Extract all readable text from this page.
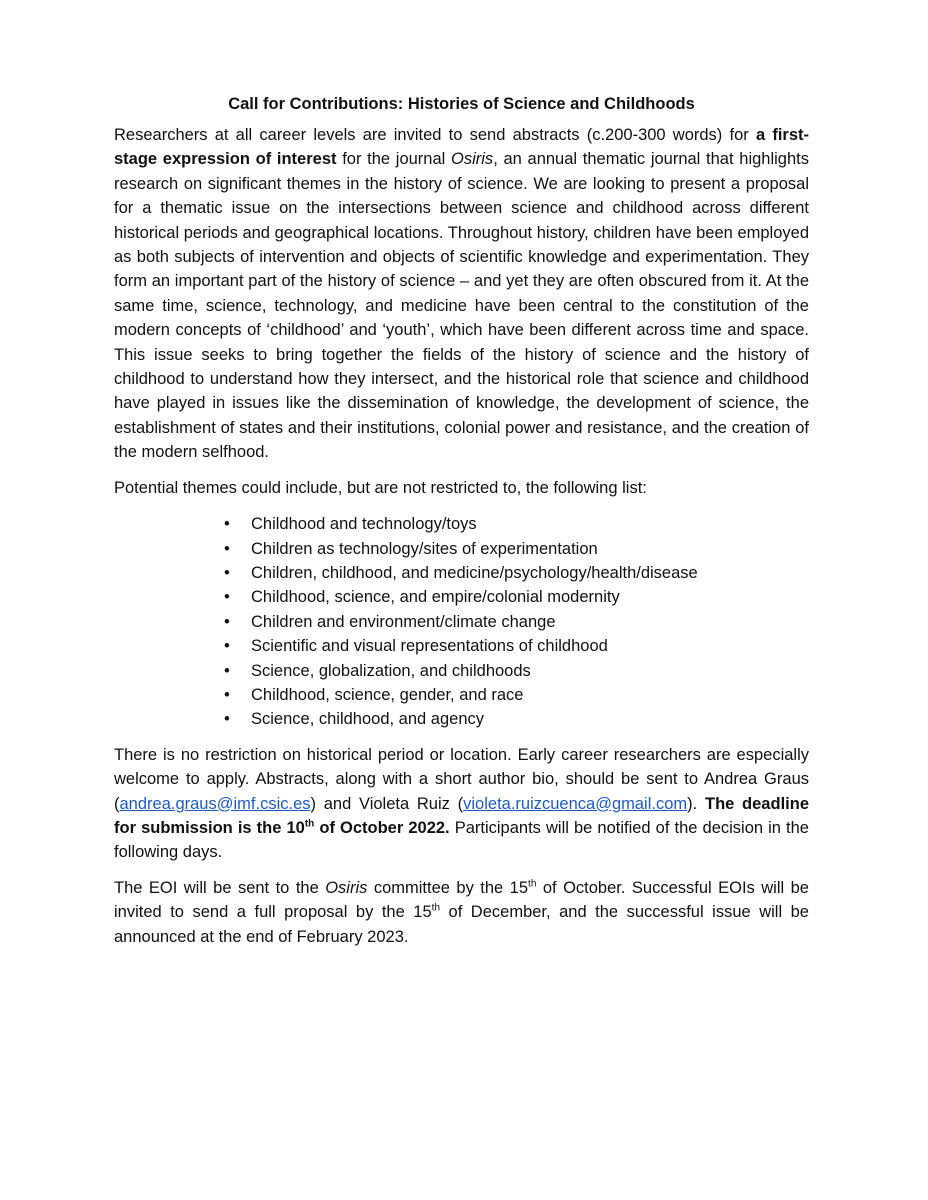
Call for Contributions: Histories of Science and Childhoods

Researchers at all career levels are invited to send abstracts (c.200-300 words) for a first-stage expression of interest for the journal Osiris, an annual thematic journal that highlights research on significant themes in the history of science. We are looking to present a proposal for a thematic issue on the intersections between science and childhood across different historical periods and geographical locations. Throughout history, children have been employed as both subjects of intervention and objects of scientific knowledge and experimentation. They form an important part of the history of science – and yet they are often obscured from it. At the same time, science, technology, and medicine have been central to the constitution of the modern concepts of ‘childhood’ and ‘youth’, which have been different across time and space. This issue seeks to bring together the fields of the history of science and the history of childhood to understand how they intersect, and the historical role that science and childhood have played in issues like the dissemination of knowledge, the development of science, the establishment of states and their institutions, colonial power and resistance, and the creation of the modern selfhood.

Potential themes could include, but are not restricted to, the following list:

• Childhood and technology/toys
• Children as technology/sites of experimentation
• Children, childhood, and medicine/psychology/health/disease
• Childhood, science, and empire/colonial modernity
• Children and environment/climate change
• Scientific and visual representations of childhood
• Science, globalization, and childhoods
• Childhood, science, gender, and race
• Science, childhood, and agency

There is no restriction on historical period or location. Early career researchers are especially welcome to apply. Abstracts, along with a short author bio, should be sent to Andrea Graus (andrea.graus@imf.csic.es) and Violeta Ruiz (violeta.ruizcuenca@gmail.com). The deadline for submission is the 10th of October 2022. Participants will be notified of the decision in the following days.

The EOI will be sent to the Osiris committee by the 15th of October. Successful EOIs will be invited to send a full proposal by the 15th of December, and the successful issue will be announced at the end of February 2023.
